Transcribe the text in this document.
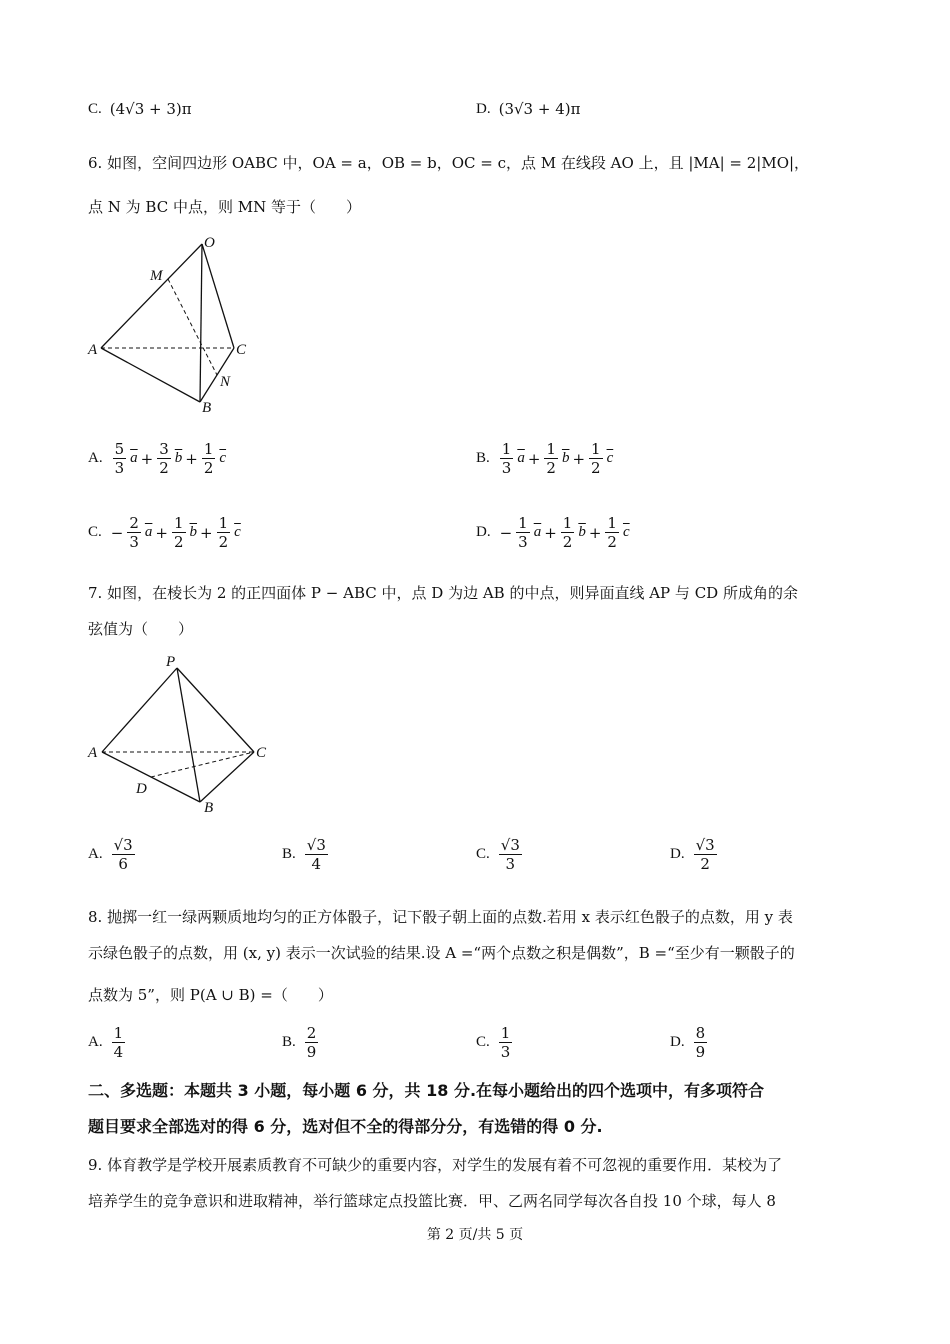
C. (4√3 + 3)π	D. (3√3 + 4)π
6. 如图，空间四边形 OABC 中，OA = a，OB = b，OC = c，点 M 在线段 AO 上，且 |MA| = 2|MO|，
点 N 为 BC 中点，则 MN 等于（　　）
O
M
A	C
N
B
A. $\frac{5}{3} \overline{a} + \frac{3}{2} \overline{b} + \frac{1}{2} \overline{c}$	B. $\frac{1}{3} \overline{a} + \frac{1}{2} \overline{b} + \frac{1}{2} \overline{c}$
C. − $\frac{2}{3} \overline{a} + \frac{1}{2} \overline{b} + \frac{1}{2} \overline{c}$	D. − $\frac{1}{3} \overline{a} + \frac{1}{2} \overline{b} + \frac{1}{2} \overline{c}$
7. 如图，在棱长为 2 的正四面体 P − ABC 中，点 D 为边 AB 的中点，则异面直线 AP 与 CD 所成角的余
弦值为（　　）
P
A	C
D
B
A. $\frac{√3}{6}$	B. $\frac{√3}{4}$	C. $\frac{√3}{3}$	D. $\frac{√3}{2}$
8. 抛掷一红一绿两颗质地均匀的正方体骰子，记下骰子朝上面的点数.若用 x 表示红色骰子的点数，用 y 表
示绿色骰子的点数，用 (x, y) 表示一次试验的结果.设 A =“两个点数之积是偶数”，B =“至少有一颗骰子的
点数为 5”，则 P(A ∪ B) =（　　）
A. $\frac{1}{4}$	B. $\frac{2}{9}$	C. $\frac{1}{3}$	D. $\frac{8}{9}$
二、多选题：本题共 3 小题，每小题 6 分，共 18 分.在每小题给出的四个选项中，有多项符合
题目要求全部选对的得 6 分，选对但不全的得部分分，有选错的得 0 分.
9. 体育教学是学校开展素质教育不可缺少的重要内容，对学生的发展有着不可忽视的重要作用．某校为了
培养学生的竞争意识和进取精神，举行篮球定点投篮比赛．甲、乙两名同学每次各自投 10 个球，每人 8
第 2 页/共 5 页
